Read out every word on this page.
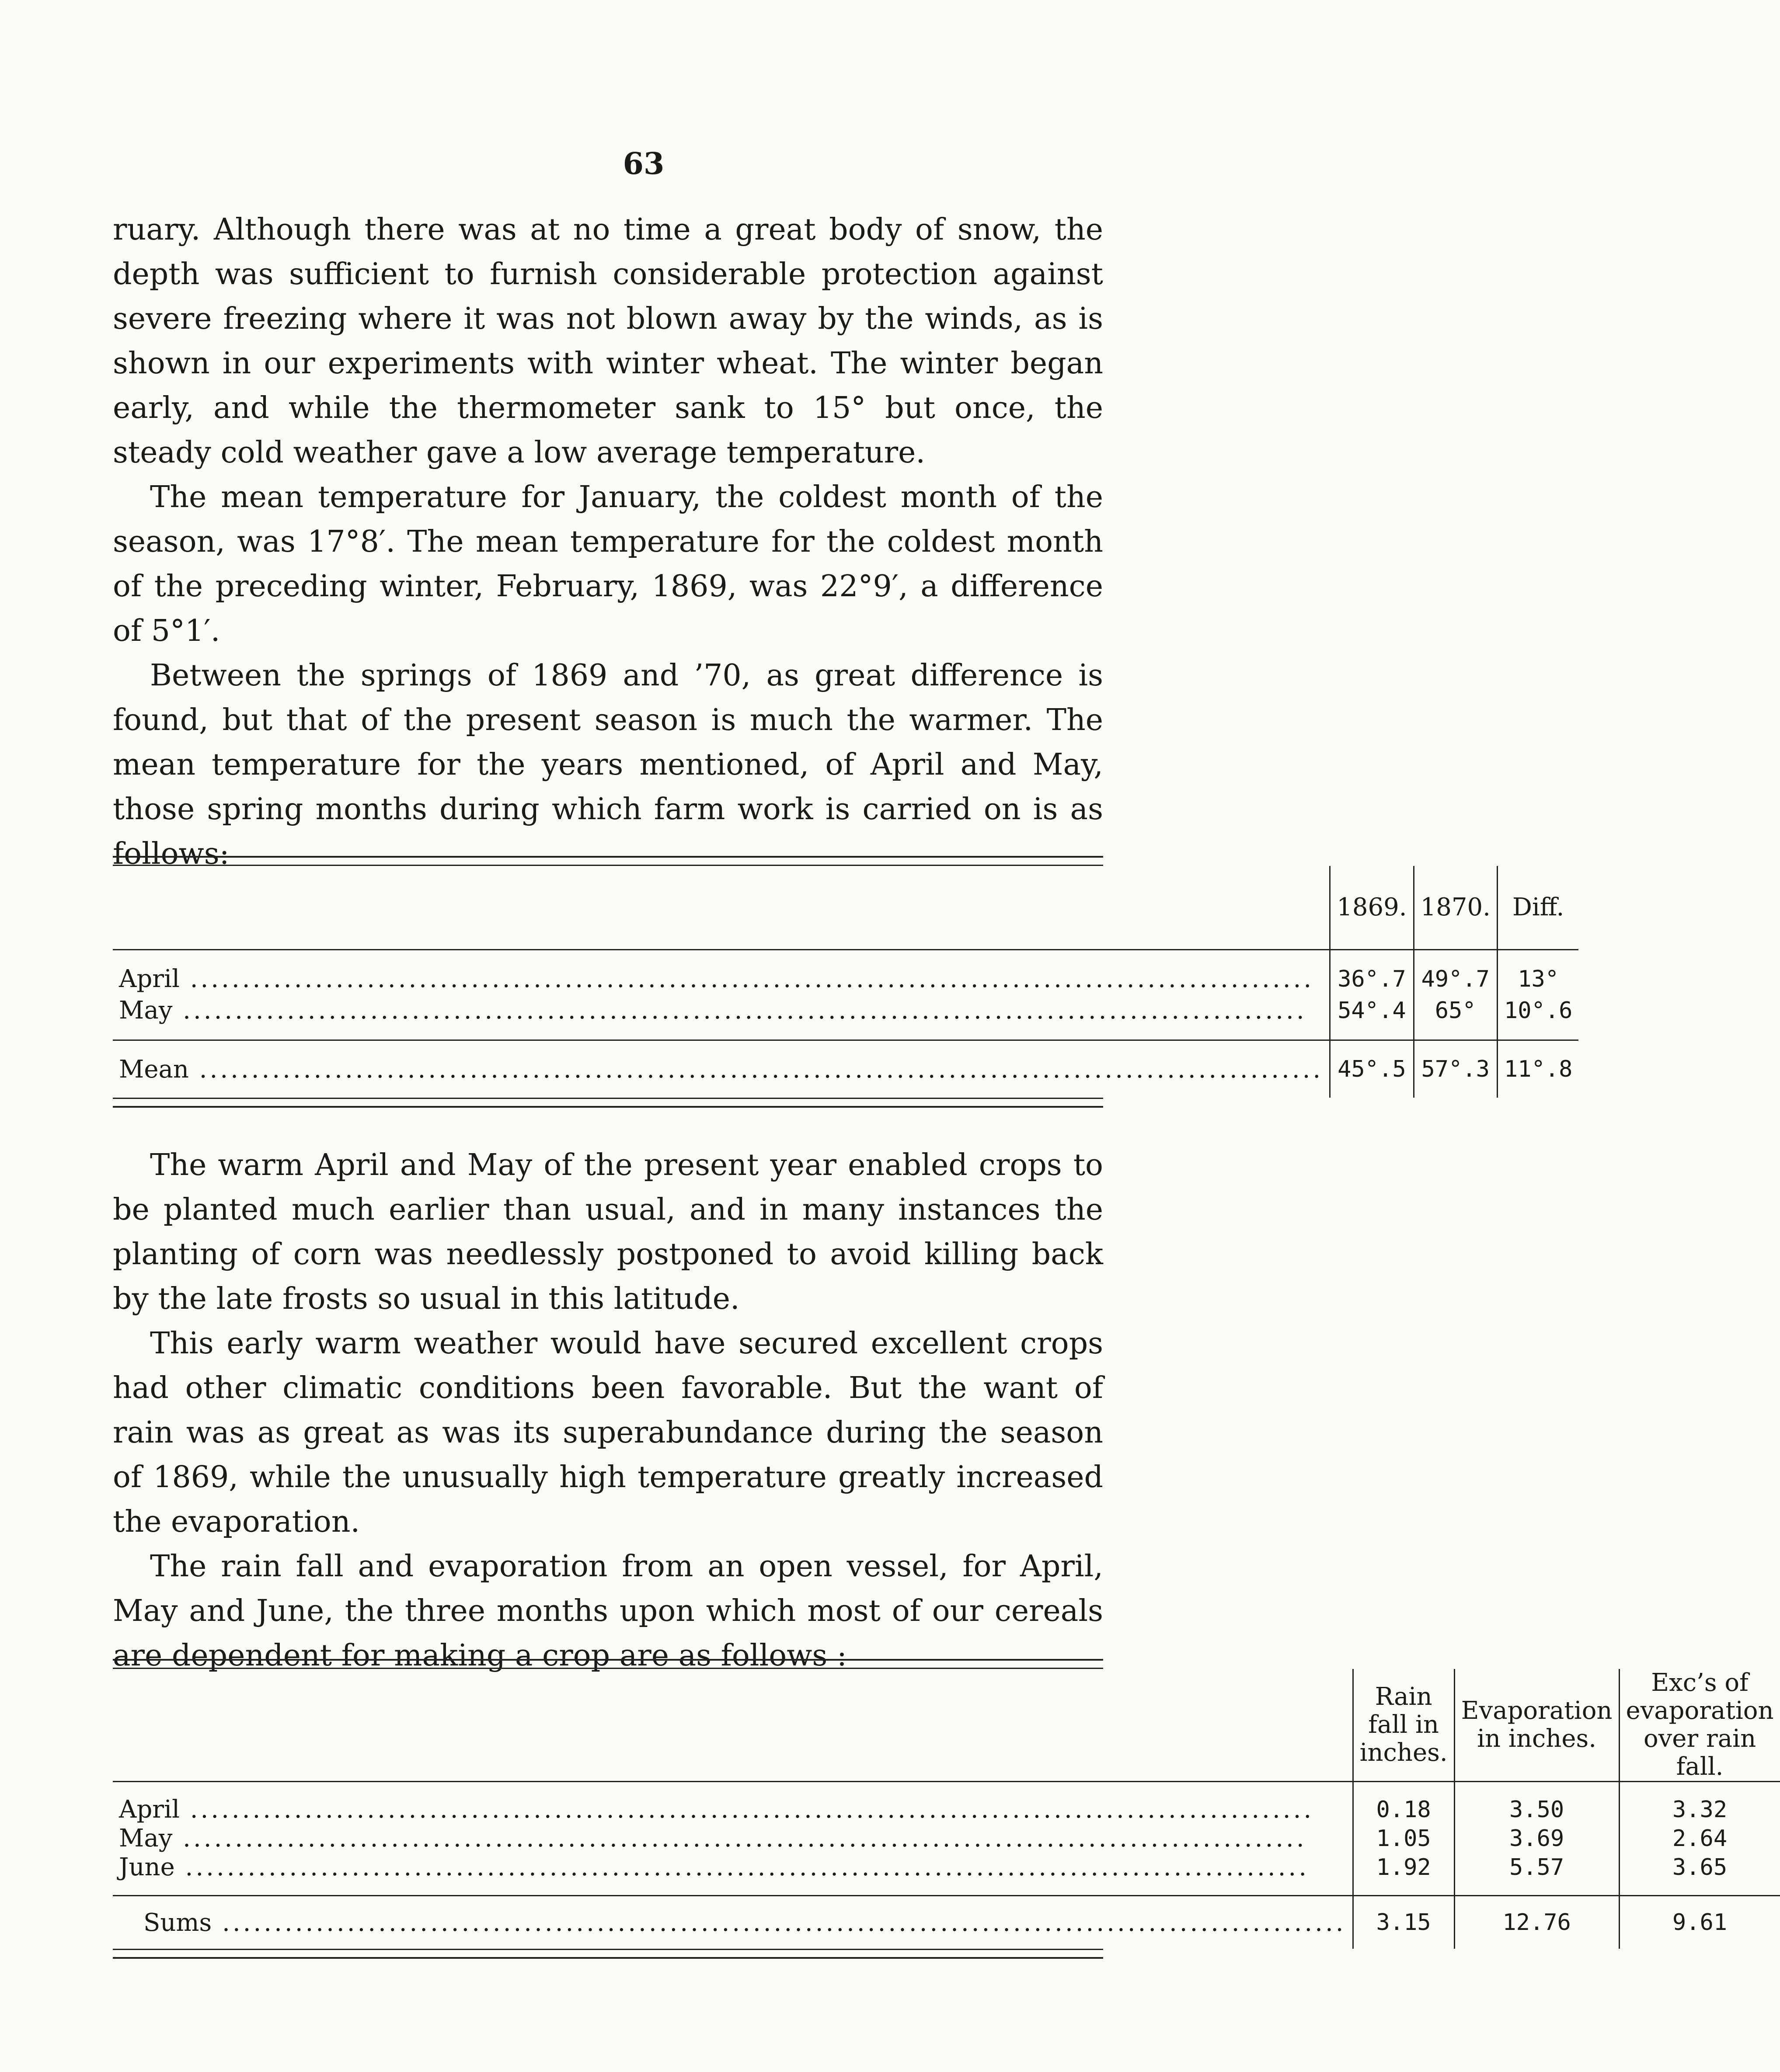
63

ruary. Although there was at no time a great body of snow, the depth was sufficient to furnish considerable protection against severe freezing where it was not blown away by the winds, as is shown in our experiments with winter wheat. The winter began early, and while the thermometer sank to 15° but once, the steady cold weather gave a low average temperature.

The mean temperature for January, the coldest month of the season, was 17°8′. The mean temperature for the coldest month of the preceding winter, February, 1869, was 22°9′, a difference of 5°1′.

Between the springs of 1869 and ’70, as great difference is found, but that of the present season is much the warmer. The mean temperature for the years mentioned, of April and May, those spring months during which farm work is carried on is as follows:

	1869.	1870.	Diff.

April .....	36°.7	49°.7	13°
May .....	54°.4	65°	10°.6

Mean .....	45°.5	57°.3	11°.8

The warm April and May of the present year enabled crops to be planted much earlier than usual, and in many instances the planting of corn was needlessly postponed to avoid killing back by the late frosts so usual in this latitude.

This early warm weather would have secured excellent crops had other climatic conditions been favorable. But the want of rain was as great as was its superabundance during the season of 1869, while the unusually high temperature greatly increased the evaporation.

The rain fall and evaporation from an open vessel, for April, May and June, the three months upon which most of our cereals are dependent for making a crop are as follows :

	Rain fall in inches.	Evaporation in inches.	Exc’s of evaporation over rain fall.

April .....	0.18	3.50	3.32
May .....	1.05	3.69	2.64
June .....	1.92	5.57	3.65

Sums .....	3.15	12.76	9.61
